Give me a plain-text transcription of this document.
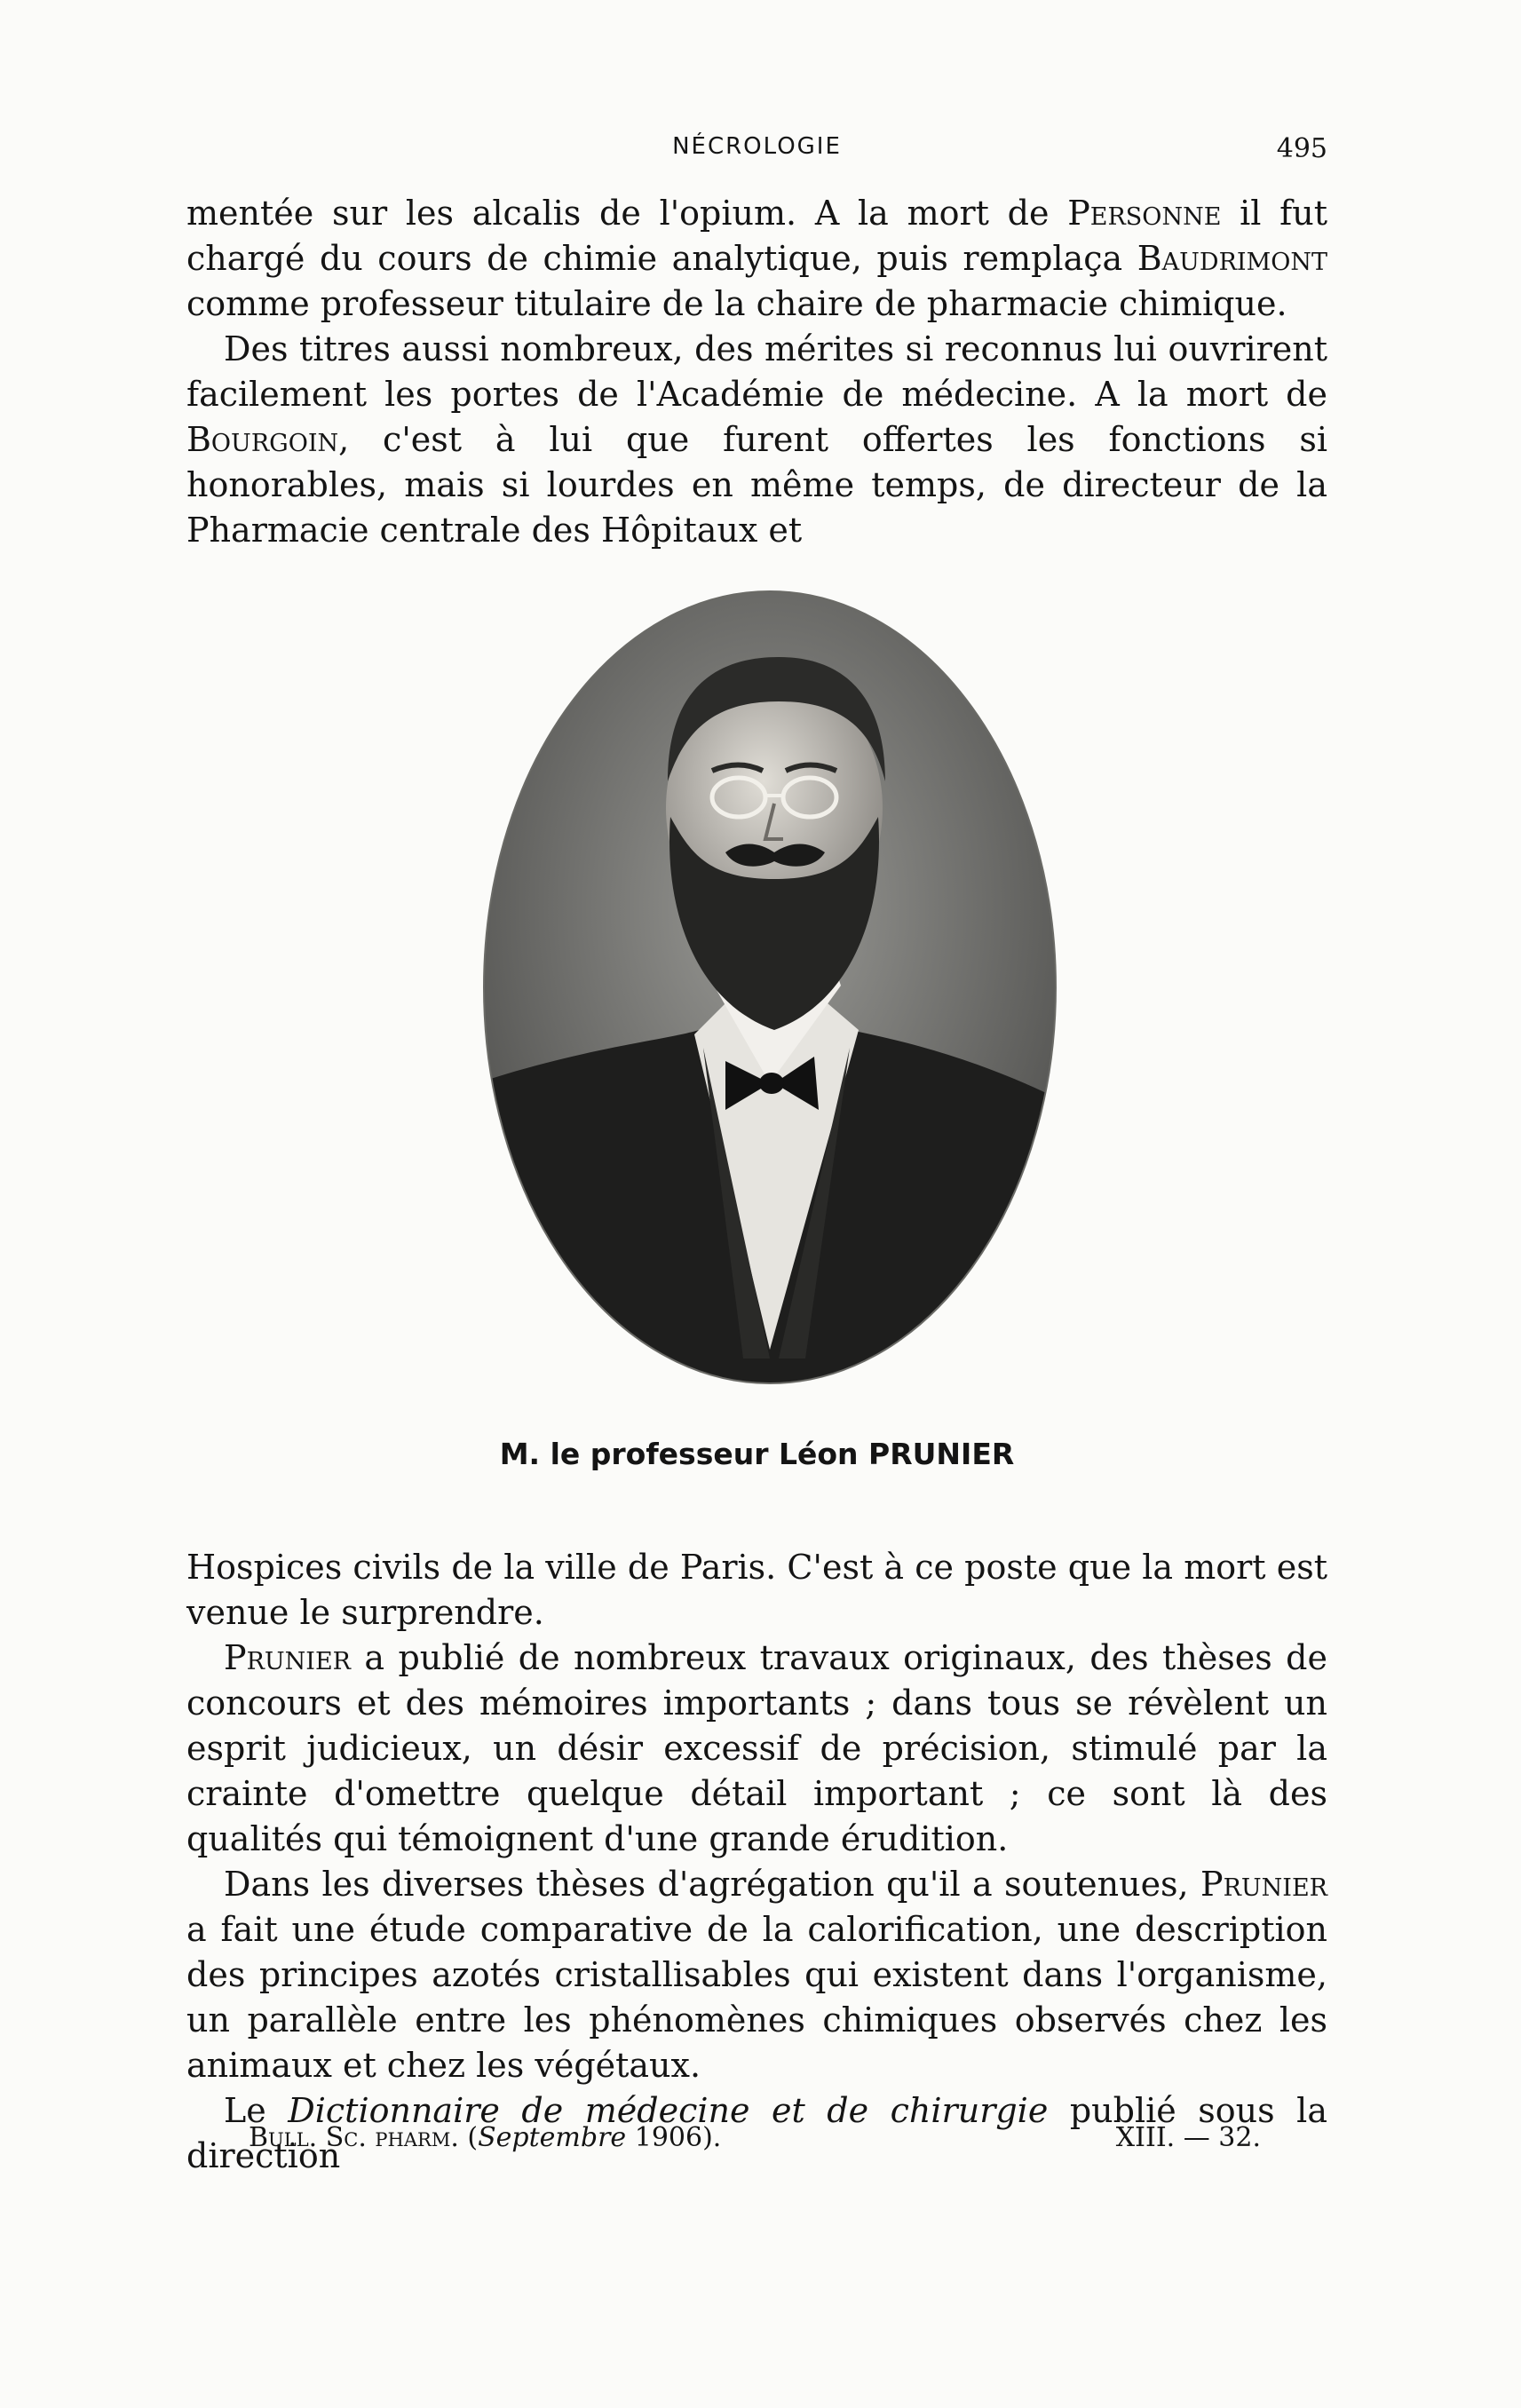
NÉCROLOGIE	495

mentée sur les alcalis de l'opium. A la mort de Personne il fut chargé du cours de chimie analytique, puis remplaça Baudrimont comme professeur titulaire de la chaire de pharmacie chimique.

Des titres aussi nombreux, des mérites si reconnus lui ouvrirent facilement les portes de l'Académie de médecine. A la mort de Bourgoin, c'est à lui que furent offertes les fonctions si honorables, mais si lourdes en même temps, de directeur de la Pharmacie centrale des Hôpitaux et

M. le professeur Léon PRUNIER

Hospices civils de la ville de Paris. C'est à ce poste que la mort est venue le surprendre.

Prunier a publié de nombreux travaux originaux, des thèses de concours et des mémoires importants ; dans tous se révèlent un esprit judicieux, un désir excessif de précision, stimulé par la crainte d'omettre quelque détail important ; ce sont là des qualités qui témoignent d'une grande érudition.

Dans les diverses thèses d'agrégation qu'il a soutenues, Prunier a fait une étude comparative de la calorification, une description des principes azotés cristallisables qui existent dans l'organisme, un parallèle entre les phénomènes chimiques observés chez les animaux et chez les végétaux.

Le Dictionnaire de médecine et de chirurgie publié sous la direction

Bull. Sc. pharm. (Septembre 1906).	XIII. — 32.
